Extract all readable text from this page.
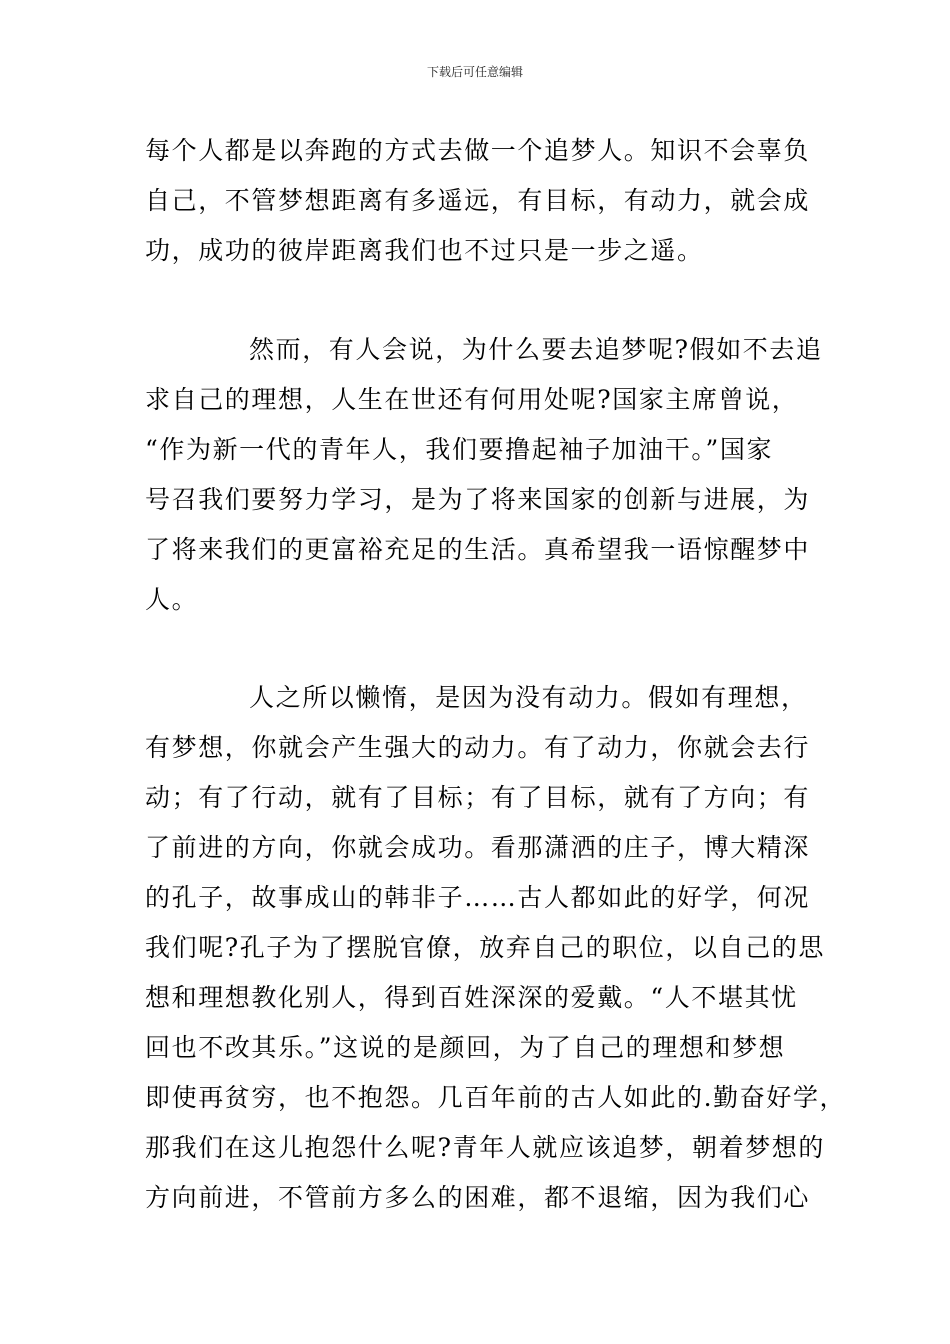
下载后可任意编辑
每个人都是以奔跑的方式去做一个追梦人。知识不会辜负
自己，不管梦想距离有多遥远，有目标，有动力，就会成
功，成功的彼岸距离我们也不过只是一步之遥。
然而，有人会说，为什么要去追梦呢?假如不去追
求自己的理想，人生在世还有何用处呢?国家主席曾说，
“作为新一代的青年人，我们要撸起袖子加油干。”国家
号召我们要努力学习，是为了将来国家的创新与进展，为
了将来我们的更富裕充足的生活。真希望我一语惊醒梦中
人。
人之所以懒惰，是因为没有动力。假如有理想，
有梦想，你就会产生强大的动力。有了动力，你就会去行
动；有了行动，就有了目标；有了目标，就有了方向；有
了前进的方向，你就会成功。看那潇洒的庄子，博大精深
的孔子，故事成山的韩非子……古人都如此的好学，何况
我们呢?孔子为了摆脱官僚，放弃自己的职位，以自己的思
想和理想教化别人，得到百姓深深的爱戴。“人不堪其忧
回也不改其乐。”这说的是颜回，为了自己的理想和梦想
即使再贫穷，也不抱怨。几百年前的古人如此的.勤奋好学，
那我们在这儿抱怨什么呢?青年人就应该追梦，朝着梦想的
方向前进，不管前方多么的困难，都不退缩，因为我们心
